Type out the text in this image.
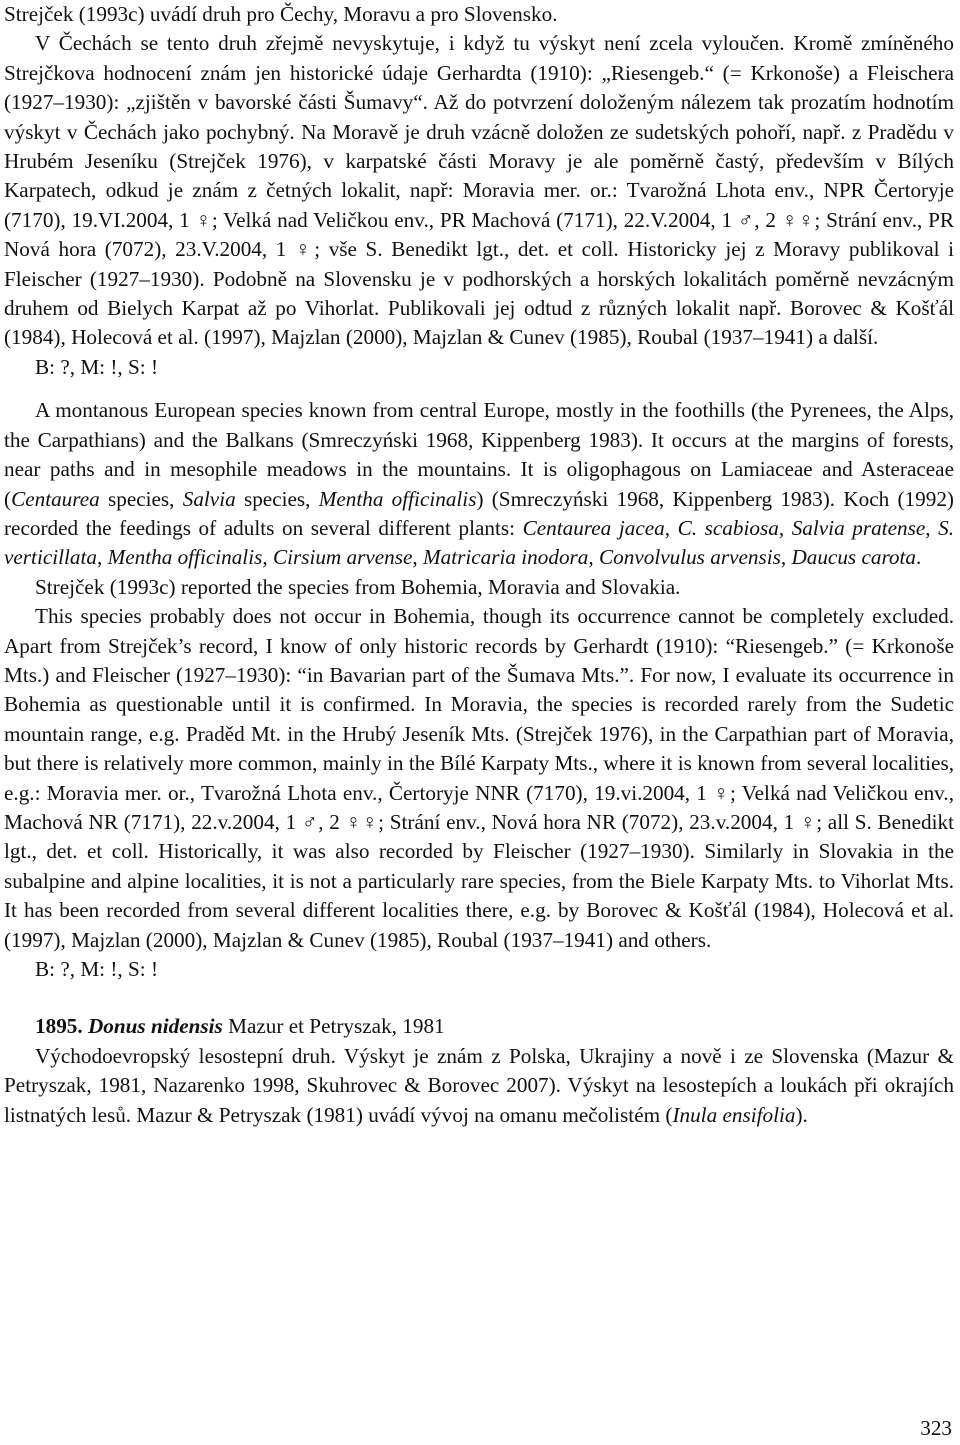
Strejček (1993c) uvádí druh pro Čechy, Moravu a pro Slovensko.

V Čechách se tento druh zřejmě nevyskytuje, i když tu výskyt není zcela vyloučen. Kromě zmíněného Strejčkova hodnocení znám jen historické údaje Gerhardta (1910): „Riesengeb.“ (= Krkonoše) a Fleischera (1927–1930): „zjištěn v bavorské části Šumavy“. Až do potvrzení doloženým nálezem tak prozatím hodnotím výskyt v Čechách jako pochybný. Na Moravě je druh vzácně doložen ze sudetských pohoří, např. z Pradědu v Hrubém Jeseníku (Strejček 1976), v karpatské části Moravy je ale poměrně častý, především v Bílých Karpatech, odkud je znám z četných lokalit, např: Moravia mer. or.: Tvarožná Lhota env., NPR Čertoryje (7170), 19.VI.2004, 1 ♀; Velká nad Veličkou env., PR Machová (7171), 22.V.2004, 1 ♂, 2 ♀♀; Strání env., PR Nová hora (7072), 23.V.2004, 1 ♀; vše S. Benedikt lgt., det. et coll. Historicky jej z Moravy publikoval i Fleischer (1927–1930). Podobně na Slovensku je v podhorských a horských lokalitách poměrně nevzácným druhem od Bielych Karpat až po Vihorlat. Publikovali jej odtud z různých lokalit např. Borovec & Košťál (1984), Holecová et al. (1997), Majzlan (2000), Majzlan & Cunev (1985), Roubal (1937–1941) a další.

B: ?, M: !, S: !

A montanous European species known from central Europe, mostly in the foothills (the Pyrenees, the Alps, the Carpathians) and the Balkans (Smreczyński 1968, Kippenberg 1983). It occurs at the margins of forests, near paths and in mesophile meadows in the mountains. It is oligophagous on Lamiaceae and Asteraceae (Centaurea species, Salvia species, Mentha officinalis) (Smreczyński 1968, Kippenberg 1983). Koch (1992) recorded the feedings of adults on several different plants: Centaurea jacea, C. scabiosa, Salvia pratense, S. verticillata, Mentha officinalis, Cirsium arvense, Matricaria inodora, Convolvulus arvensis, Daucus carota.

Strejček (1993c) reported the species from Bohemia, Moravia and Slovakia.

This species probably does not occur in Bohemia, though its occurrence cannot be completely excluded. Apart from Strejček’s record, I know of only historic records by Gerhardt (1910): “Riesengeb.” (= Krkonoše Mts.) and Fleischer (1927–1930): “in Bavarian part of the Šumava Mts.”. For now, I evaluate its occurrence in Bohemia as questionable until it is confirmed. In Moravia, the species is recorded rarely from the Sudetic mountain range, e.g. Praděd Mt. in the Hrubý Jeseník Mts. (Strejček 1976), in the Carpathian part of Moravia, but there is relatively more common, mainly in the Bílé Karpaty Mts., where it is known from several localities, e.g.: Moravia mer. or., Tvarožná Lhota env., Čertoryje NNR (7170), 19.vi.2004, 1 ♀; Velká nad Veličkou env., Machová NR (7171), 22.v.2004, 1 ♂, 2 ♀♀; Strání env., Nová hora NR (7072), 23.v.2004, 1 ♀; all S. Benedikt lgt., det. et coll. Historically, it was also recorded by Fleischer (1927–1930). Similarly in Slovakia in the subalpine and alpine localities, it is not a particularly rare species, from the Biele Karpaty Mts. to Vihorlat Mts. It has been recorded from several different localities there, e.g. by Borovec & Košťál (1984), Holecová et al. (1997), Majzlan (2000), Majzlan & Cunev (1985), Roubal (1937–1941) and others.

B: ?, M: !, S: !

1895. Donus nidensis Mazur et Petryszak, 1981

Východoevropský lesostepní druh. Výskyt je znám z Polska, Ukrajiny a nově i ze Slovenska (Mazur & Petryszak, 1981, Nazarenko 1998, Skuhrovec & Borovec 2007). Výskyt na lesostepích a loukách při okrajích listnatých lesů. Mazur & Petryszak (1981) uvádí vývoj na omanu mečolistém (Inula ensifolia).

323
